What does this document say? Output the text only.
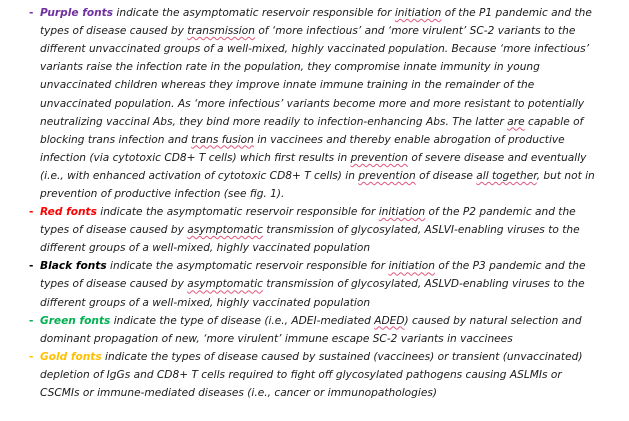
- Purple fonts indicate the asymptomatic reservoir responsible for initiation of the P1 pandemic and the
types of disease caused by transmission of ‘more infectious’ and ‘more virulent’ SC-2 variants to the
different unvaccinated groups of a well-mixed, highly vaccinated population. Because ‘more infectious’
variants raise the infection rate in the population, they compromise innate immunity in young
unvaccinated children whereas they improve innate immune training in the remainder of the
unvaccinated population. As ‘more infectious’ variants become more and more resistant to potentially
neutralizing vaccinal Abs, they bind more readily to infection-enhancing Abs. The latter are capable of
blocking trans infection and trans fusion in vaccinees and thereby enable abrogation of productive
infection (via cytotoxic CD8+ T cells) which first results in prevention of severe disease and eventually
(i.e., with enhanced activation of cytotoxic CD8+ T cells) in prevention of disease all together, but not in
prevention of productive infection (see fig. 1).
- Red fonts indicate the asymptomatic reservoir responsible for initiation of the P2 pandemic and the
types of disease caused by asymptomatic transmission of glycosylated, ASLVI-enabling viruses to the
different groups of a well-mixed, highly vaccinated population
- Black fonts indicate the asymptomatic reservoir responsible for initiation of the P3 pandemic and the
types of disease caused by asymptomatic transmission of glycosylated, ASLVD-enabling viruses to the
different groups of a well-mixed, highly vaccinated population
- Green fonts indicate the type of disease (i.e., ADEI-mediated ADED) caused by natural selection and
dominant propagation of new, ‘more virulent’ immune escape SC-2 variants in vaccinees
- Gold fonts indicate the types of disease caused by sustained (vaccinees) or transient (unvaccinated)
depletion of IgGs and CD8+ T cells required to fight off glycosylated pathogens causing ASLMIs or
CSCMIs or immune-mediated diseases (i.e., cancer or immunopathologies)
